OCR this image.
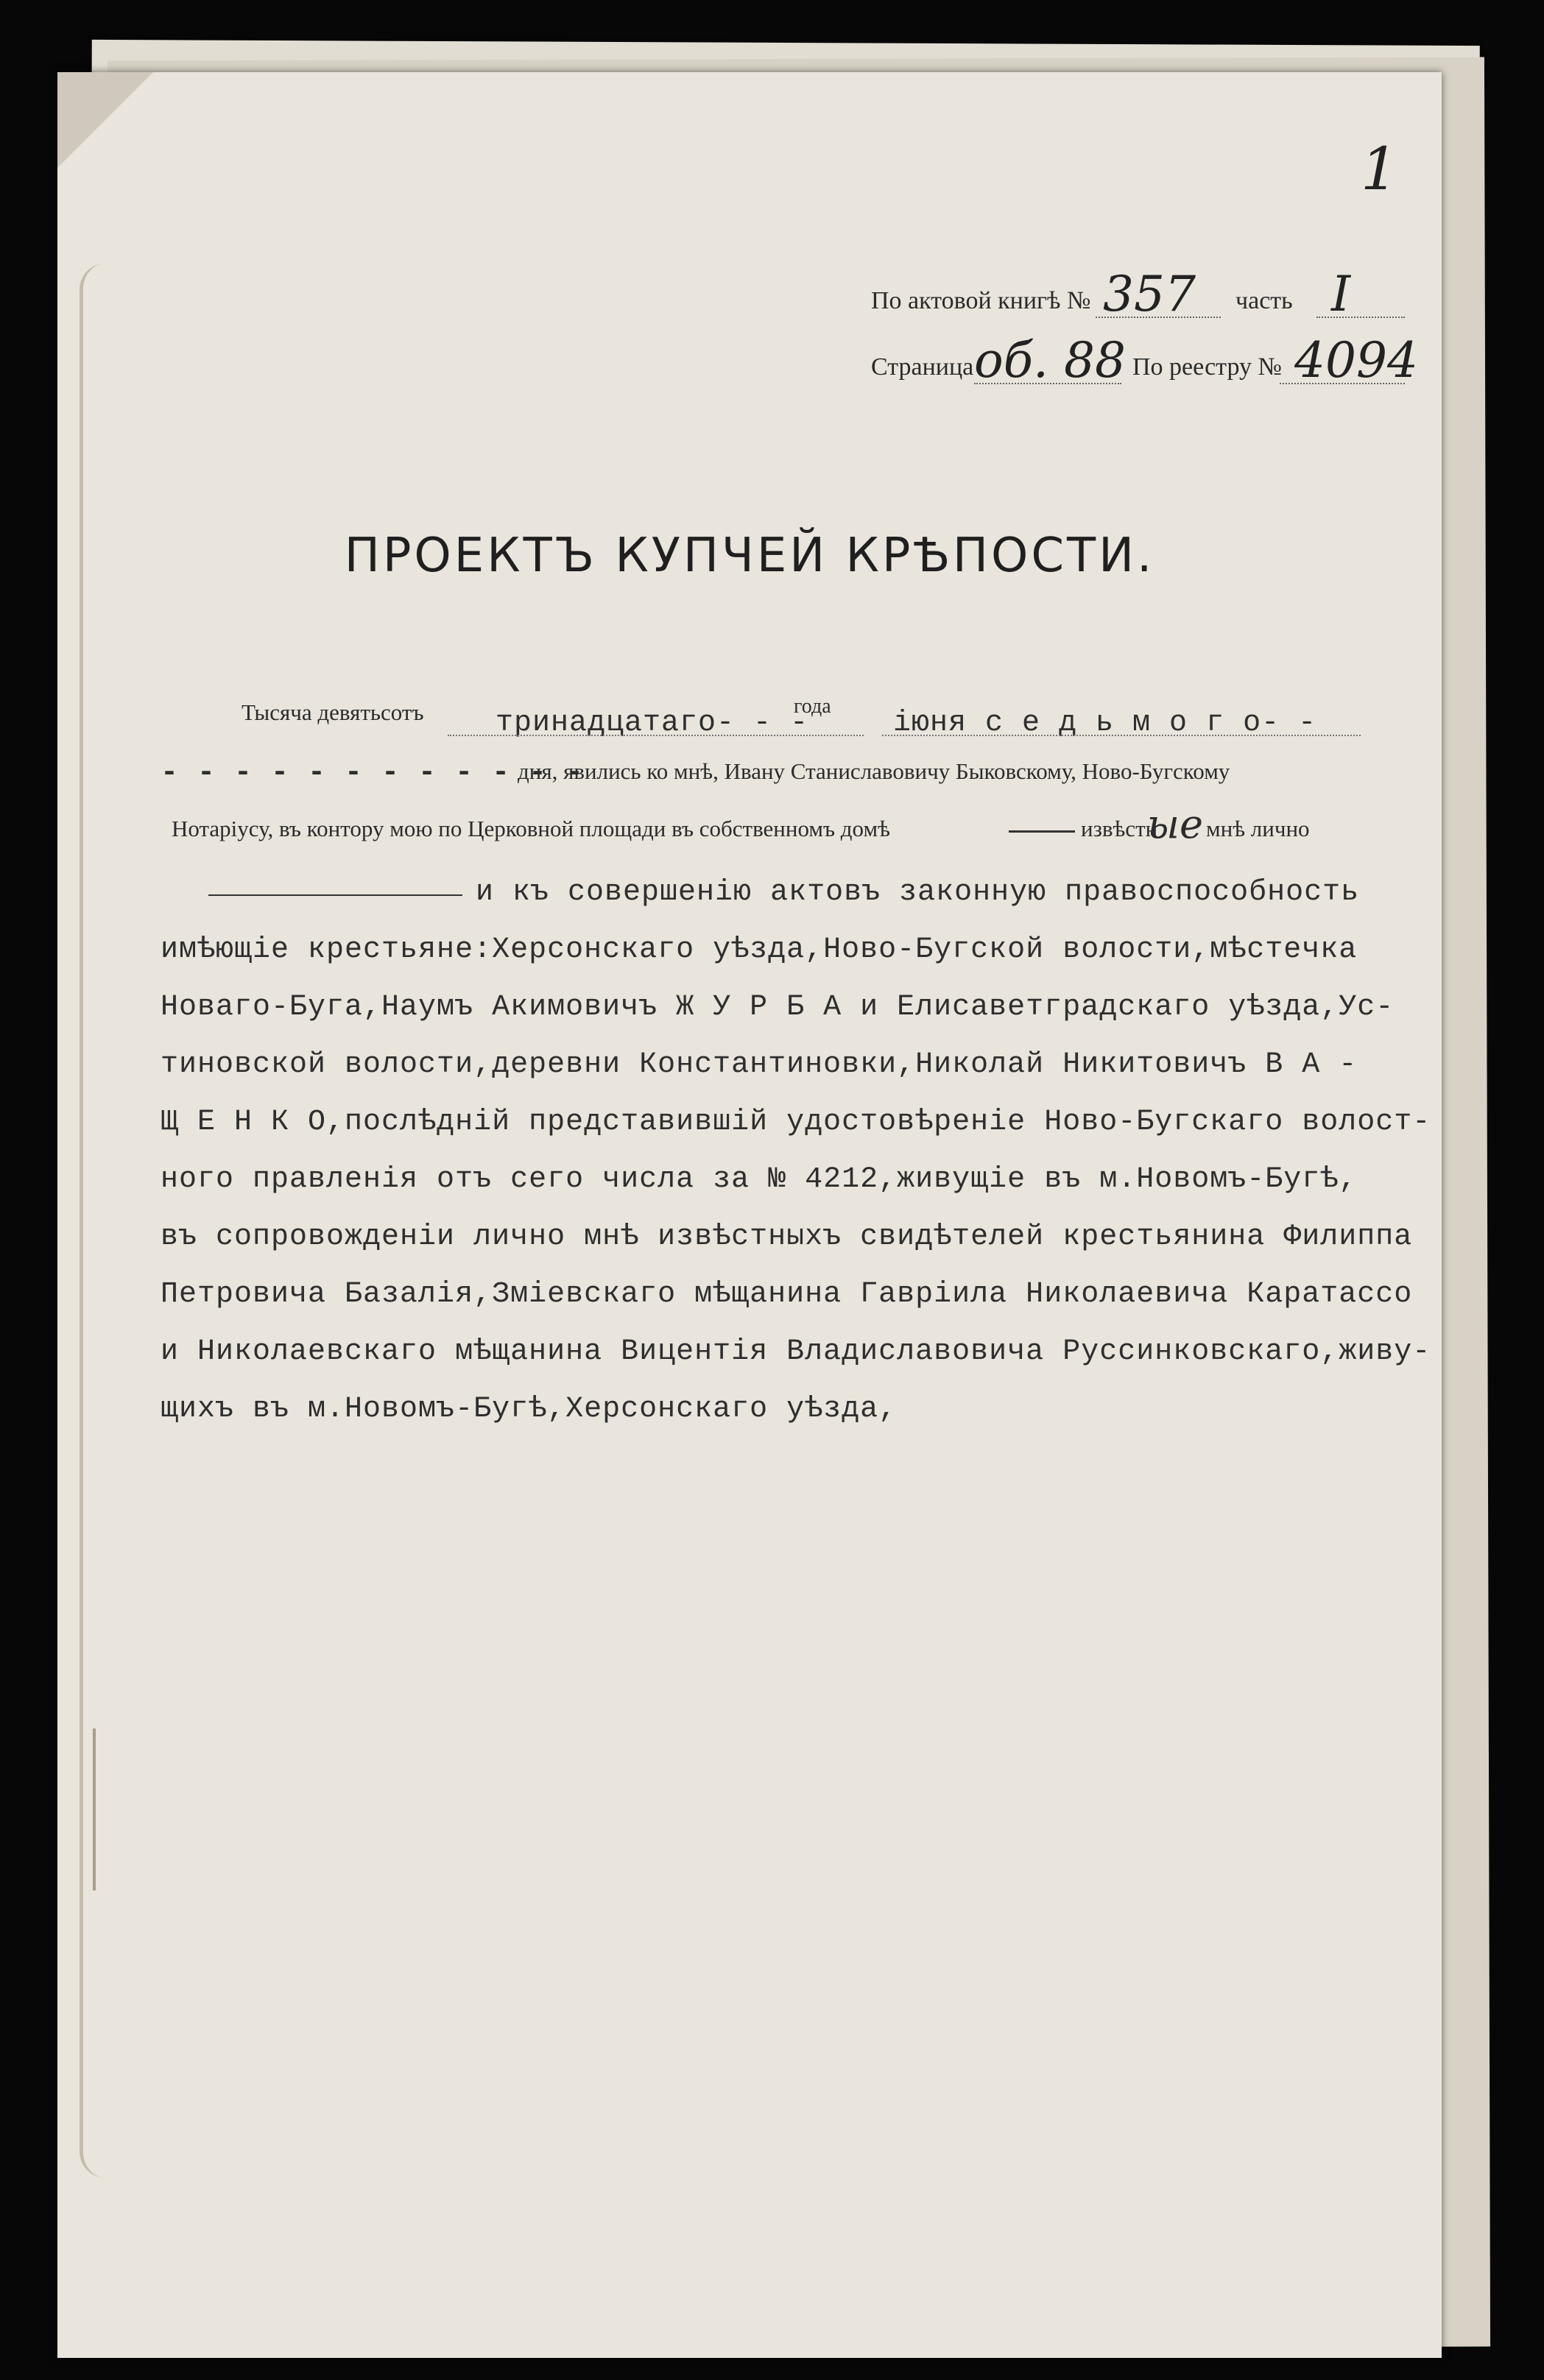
1
По актовой книгѣ № 357 часть I
Страница об. 88 По реестру № 4094
ПРОЕКТЪ КУПЧЕЙ КРѢПОСТИ.
Тысяча девятьсотъ тринадцатаго- - -
года
іюня с е д ь м о г о- -
- - - - - - - - - - - -
дня, явились ко мнѣ, Ивану Станиславовичу Быковскому, Ново-Бугскому
Нотаріусу, въ контору мою по Церковной площади въ собственномъ домѣ	извѣстн
ые мнѣ лично
и къ совершенію актовъ законную правоспособность
имѣющіе крестьяне:Херсонскаго уѣзда,Ново-Бугской волости,мѣстечка
Новаго-Буга,Наумъ Акимовичъ Ж У Р Б А и Елисаветградскаго уѣзда,Ус-
тиновской волости,деревни Константиновки,Николай Никитовичъ В А -
Щ Е Н К О,послѣдній представившій удостовѣреніе Ново-Бугскаго волост-
ного правленія отъ сего числа за № 4212,живущіе въ м.Новомъ-Бугѣ,
въ сопровожденіи лично мнѣ извѣстныхъ свидѣтелей крестьянина Филиппа
Петровича Базалія,Зміевскаго мѣщанина Гавріила Николаевича Каратассо
и Николаевскаго мѣщанина Вицентія Владиславовича Руссинковскаго,живу-
щихъ въ м.Новомъ-Бугѣ,Херсонскаго уѣзда,
